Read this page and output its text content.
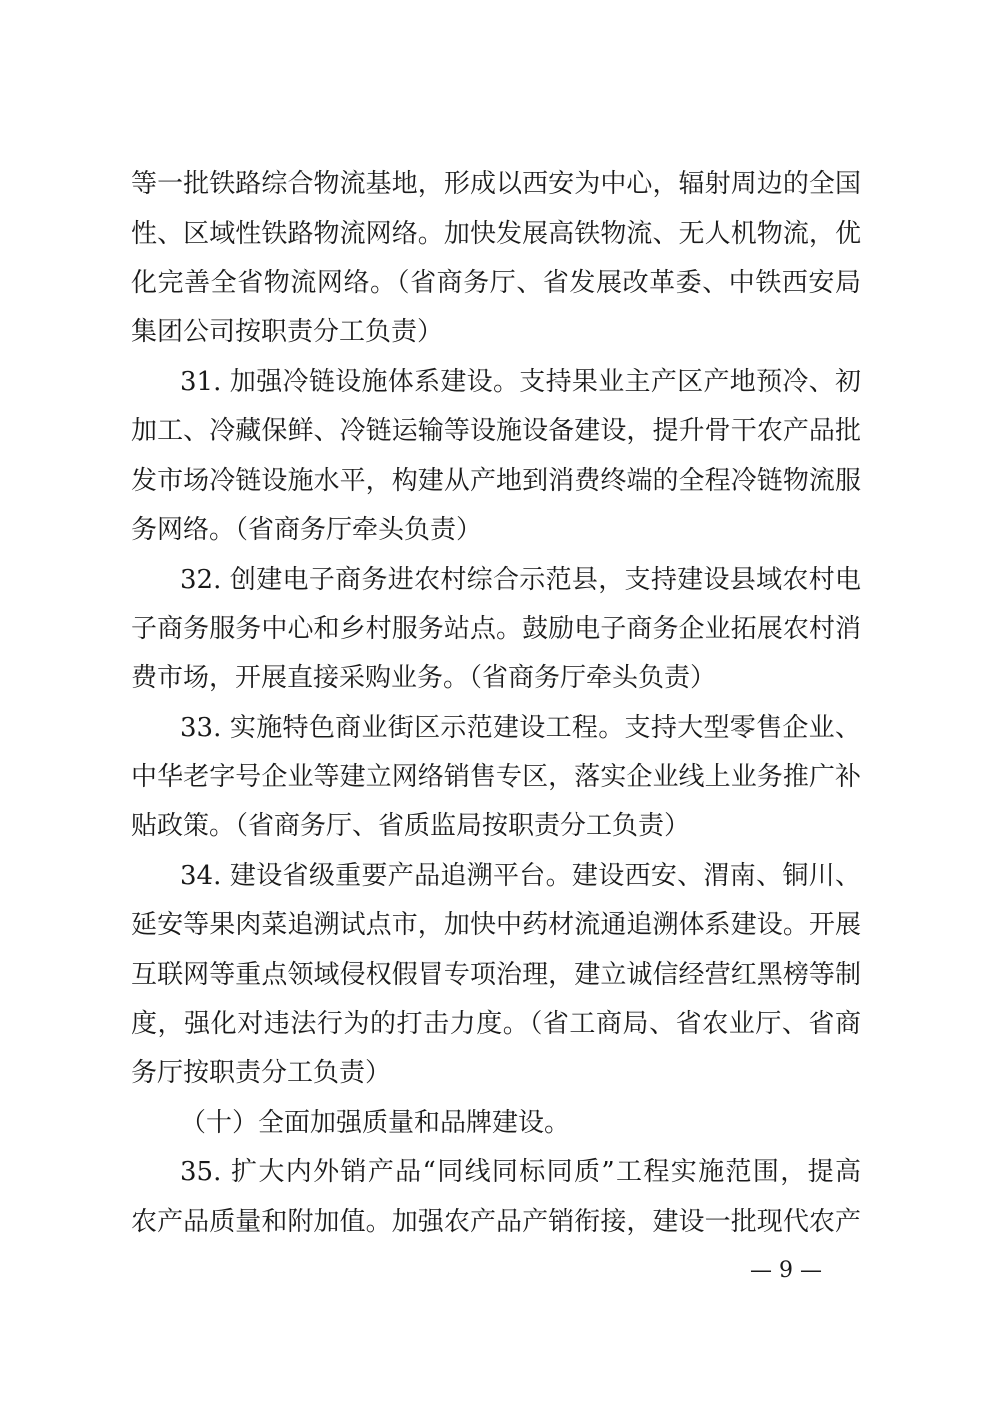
等一批铁路综合物流基地，形成以西安为中心，辐射周边的全国
性、区域性铁路物流网络。加快发展高铁物流、无人机物流，优
化完善全省物流网络。（省商务厅、省发展改革委、中铁西安局
集团公司按职责分工负责）
31. 加强冷链设施体系建设。支持果业主产区产地预冷、初
加工、冷藏保鲜、冷链运输等设施设备建设，提升骨干农产品批
发市场冷链设施水平，构建从产地到消费终端的全程冷链物流服
务网络。（省商务厅牵头负责）
32. 创建电子商务进农村综合示范县，支持建设县域农村电
子商务服务中心和乡村服务站点。鼓励电子商务企业拓展农村消
费市场，开展直接采购业务。（省商务厅牵头负责）
33. 实施特色商业街区示范建设工程。支持大型零售企业、
中华老字号企业等建立网络销售专区，落实企业线上业务推广补
贴政策。（省商务厅、省质监局按职责分工负责）
34. 建设省级重要产品追溯平台。建设西安、渭南、铜川、
延安等果肉菜追溯试点市，加快中药材流通追溯体系建设。开展
互联网等重点领域侵权假冒专项治理，建立诚信经营红黑榜等制
度，强化对违法行为的打击力度。（省工商局、省农业厅、省商
务厅按职责分工负责）
（十）全面加强质量和品牌建设。
35. 扩大内外销产品“同线同标同质”工程实施范围，提高
农产品质量和附加值。加强农产品产销衔接，建设一批现代农产
— 9 —
